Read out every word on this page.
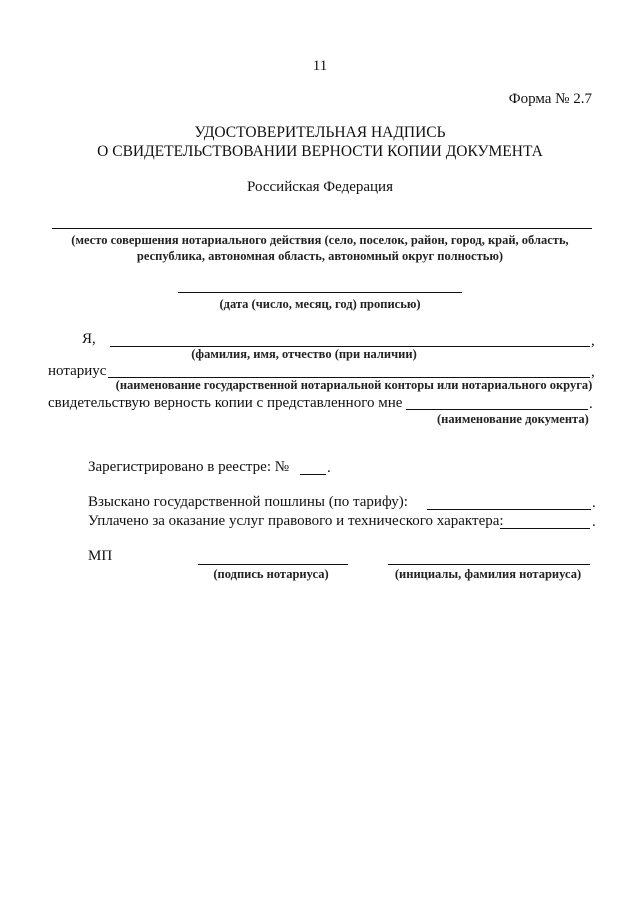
11
Форма № 2.7
УДОСТОВЕРИТЕЛЬНАЯ НАДПИСЬ
О СВИДЕТЕЛЬСТВОВАНИИ ВЕРНОСТИ КОПИИ ДОКУМЕНТА
Российская Федерация
(место совершения нотариального действия (село, поселок, район, город, край, область,
республика, автономная область, автономный округ полностью)
(дата (число, месяц, год) прописью)
Я,	,
(фамилия, имя, отчество (при наличии)
нотариус	,
(наименование государственной нотариальной конторы или нотариального округа)
свидетельствую верность копии с представленного мне	.
(наименование документа)
Зарегистрировано в реестре: №	.
Взыскано государственной пошлины (по тарифу):	.
Уплачено за оказание услуг правового и технического характера:	.
МП
(подпись нотариуса)	(инициалы, фамилия нотариуса)
